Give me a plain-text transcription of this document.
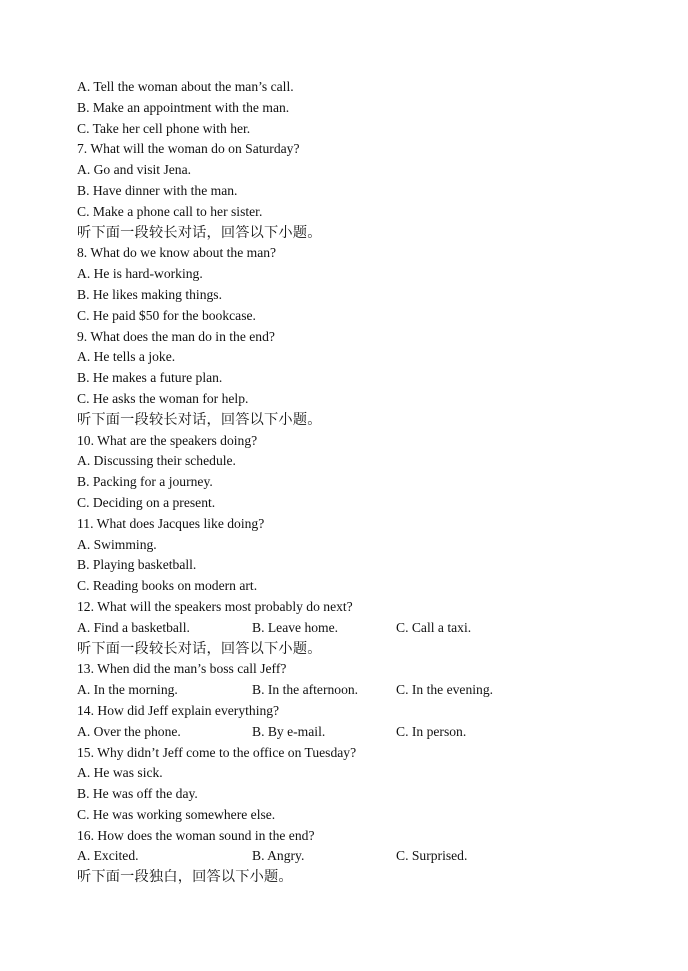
A. Tell the woman about the man’s call.
B. Make an appointment with the man.
C. Take her cell phone with her.
7. What will the woman do on Saturday?
A. Go and visit Jena.
B. Have dinner with the man.
C. Make a phone call to her sister.
听下面一段较长对话，回答以下小题。
8. What do we know about the man?
A. He is hard-working.
B. He likes making things.
C. He paid $50 for the bookcase.
9. What does the man do in the end?
A. He tells a joke.
B. He makes a future plan.
C. He asks the woman for help.
听下面一段较长对话，回答以下小题。
10. What are the speakers doing?
A. Discussing their schedule.
B. Packing for a journey.
C. Deciding on a present.
11. What does Jacques like doing?
A. Swimming.
B. Playing basketball.
C. Reading books on modern art.
12. What will the speakers most probably do next?
A. Find a basketball.	B. Leave home.	C. Call a taxi.
听下面一段较长对话，回答以下小题。
13. When did the man’s boss call Jeff?
A. In the morning.	B. In the afternoon.	C. In the evening.
14. How did Jeff explain everything?
A. Over the phone.	B. By e-mail.	C. In person.
15. Why didn’t Jeff come to the office on Tuesday?
A. He was sick.
B. He was off the day.
C. He was working somewhere else.
16. How does the woman sound in the end?
A. Excited.	B. Angry.	C. Surprised.
听下面一段独白，回答以下小题。
